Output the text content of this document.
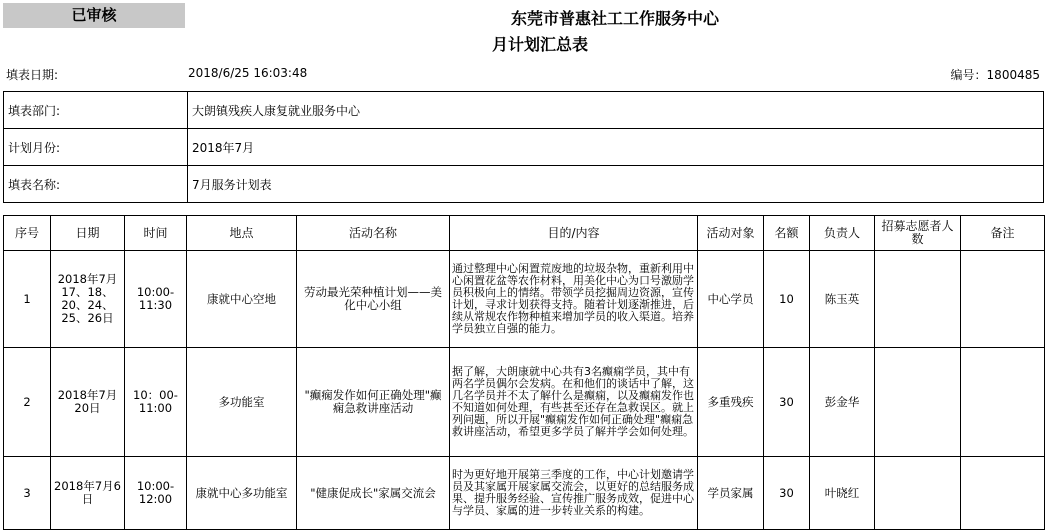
已审核	东莞市普惠社工工作服务中心
月计划汇总表
填表日期:	2018/6/25 16:03:48	编号：1800485
填表部门:	大朗镇残疾人康复就业服务中心
计划月份:	2018年7月
填表名称:	7月服务计划表
序号	日期	时间	地点	活动名称	目的/内容	活动对象	名额	负责人	招募志愿者人数	备注
1	2018年7月17、18、20、24、25、26日	10:00-11:30	康就中心空地	劳动最光荣种植计划——美化中心小组	通过整理中心闲置荒废地的垃圾杂物，重新利用中心闲置花盆等农作材料，用美化中心为口号激励学员积极向上的情绪。带领学员挖掘周边资源，宣传计划，寻求计划获得支持。随着计划逐渐推进，后续从常规农作物种植来增加学员的收入渠道。培养学员独立自强的能力。	中心学员	10	陈玉英		
2	2018年7月20日	10：00-11:00	多功能室	"癫痫发作如何正确处理"癫痫急救讲座活动	据了解，大朗康就中心共有3名癫痫学员，其中有两名学员偶尔会发病。在和他们的谈话中了解，这几名学员并不太了解什么是癫痫，以及癫痫发作也不知道如何处理，有些甚至还存在急救误区。就上列问题，所以开展"癫痫发作如何正确处理"癫痫急救讲座活动，希望更多学员了解并学会如何处理。	多重残疾	30	彭金华		
3	2018年7月6日	10:00-12:00	康就中心多功能室	"健康促成长"家属交流会	时为更好地开展第三季度的工作，中心计划邀请学员及其家属开展家属交流会，以更好的总结服务成果、提升服务经验、宣传推广服务成效，促进中心与学员、家属的进一步转业关系的构建。	学员家属	30	叶晓红		
